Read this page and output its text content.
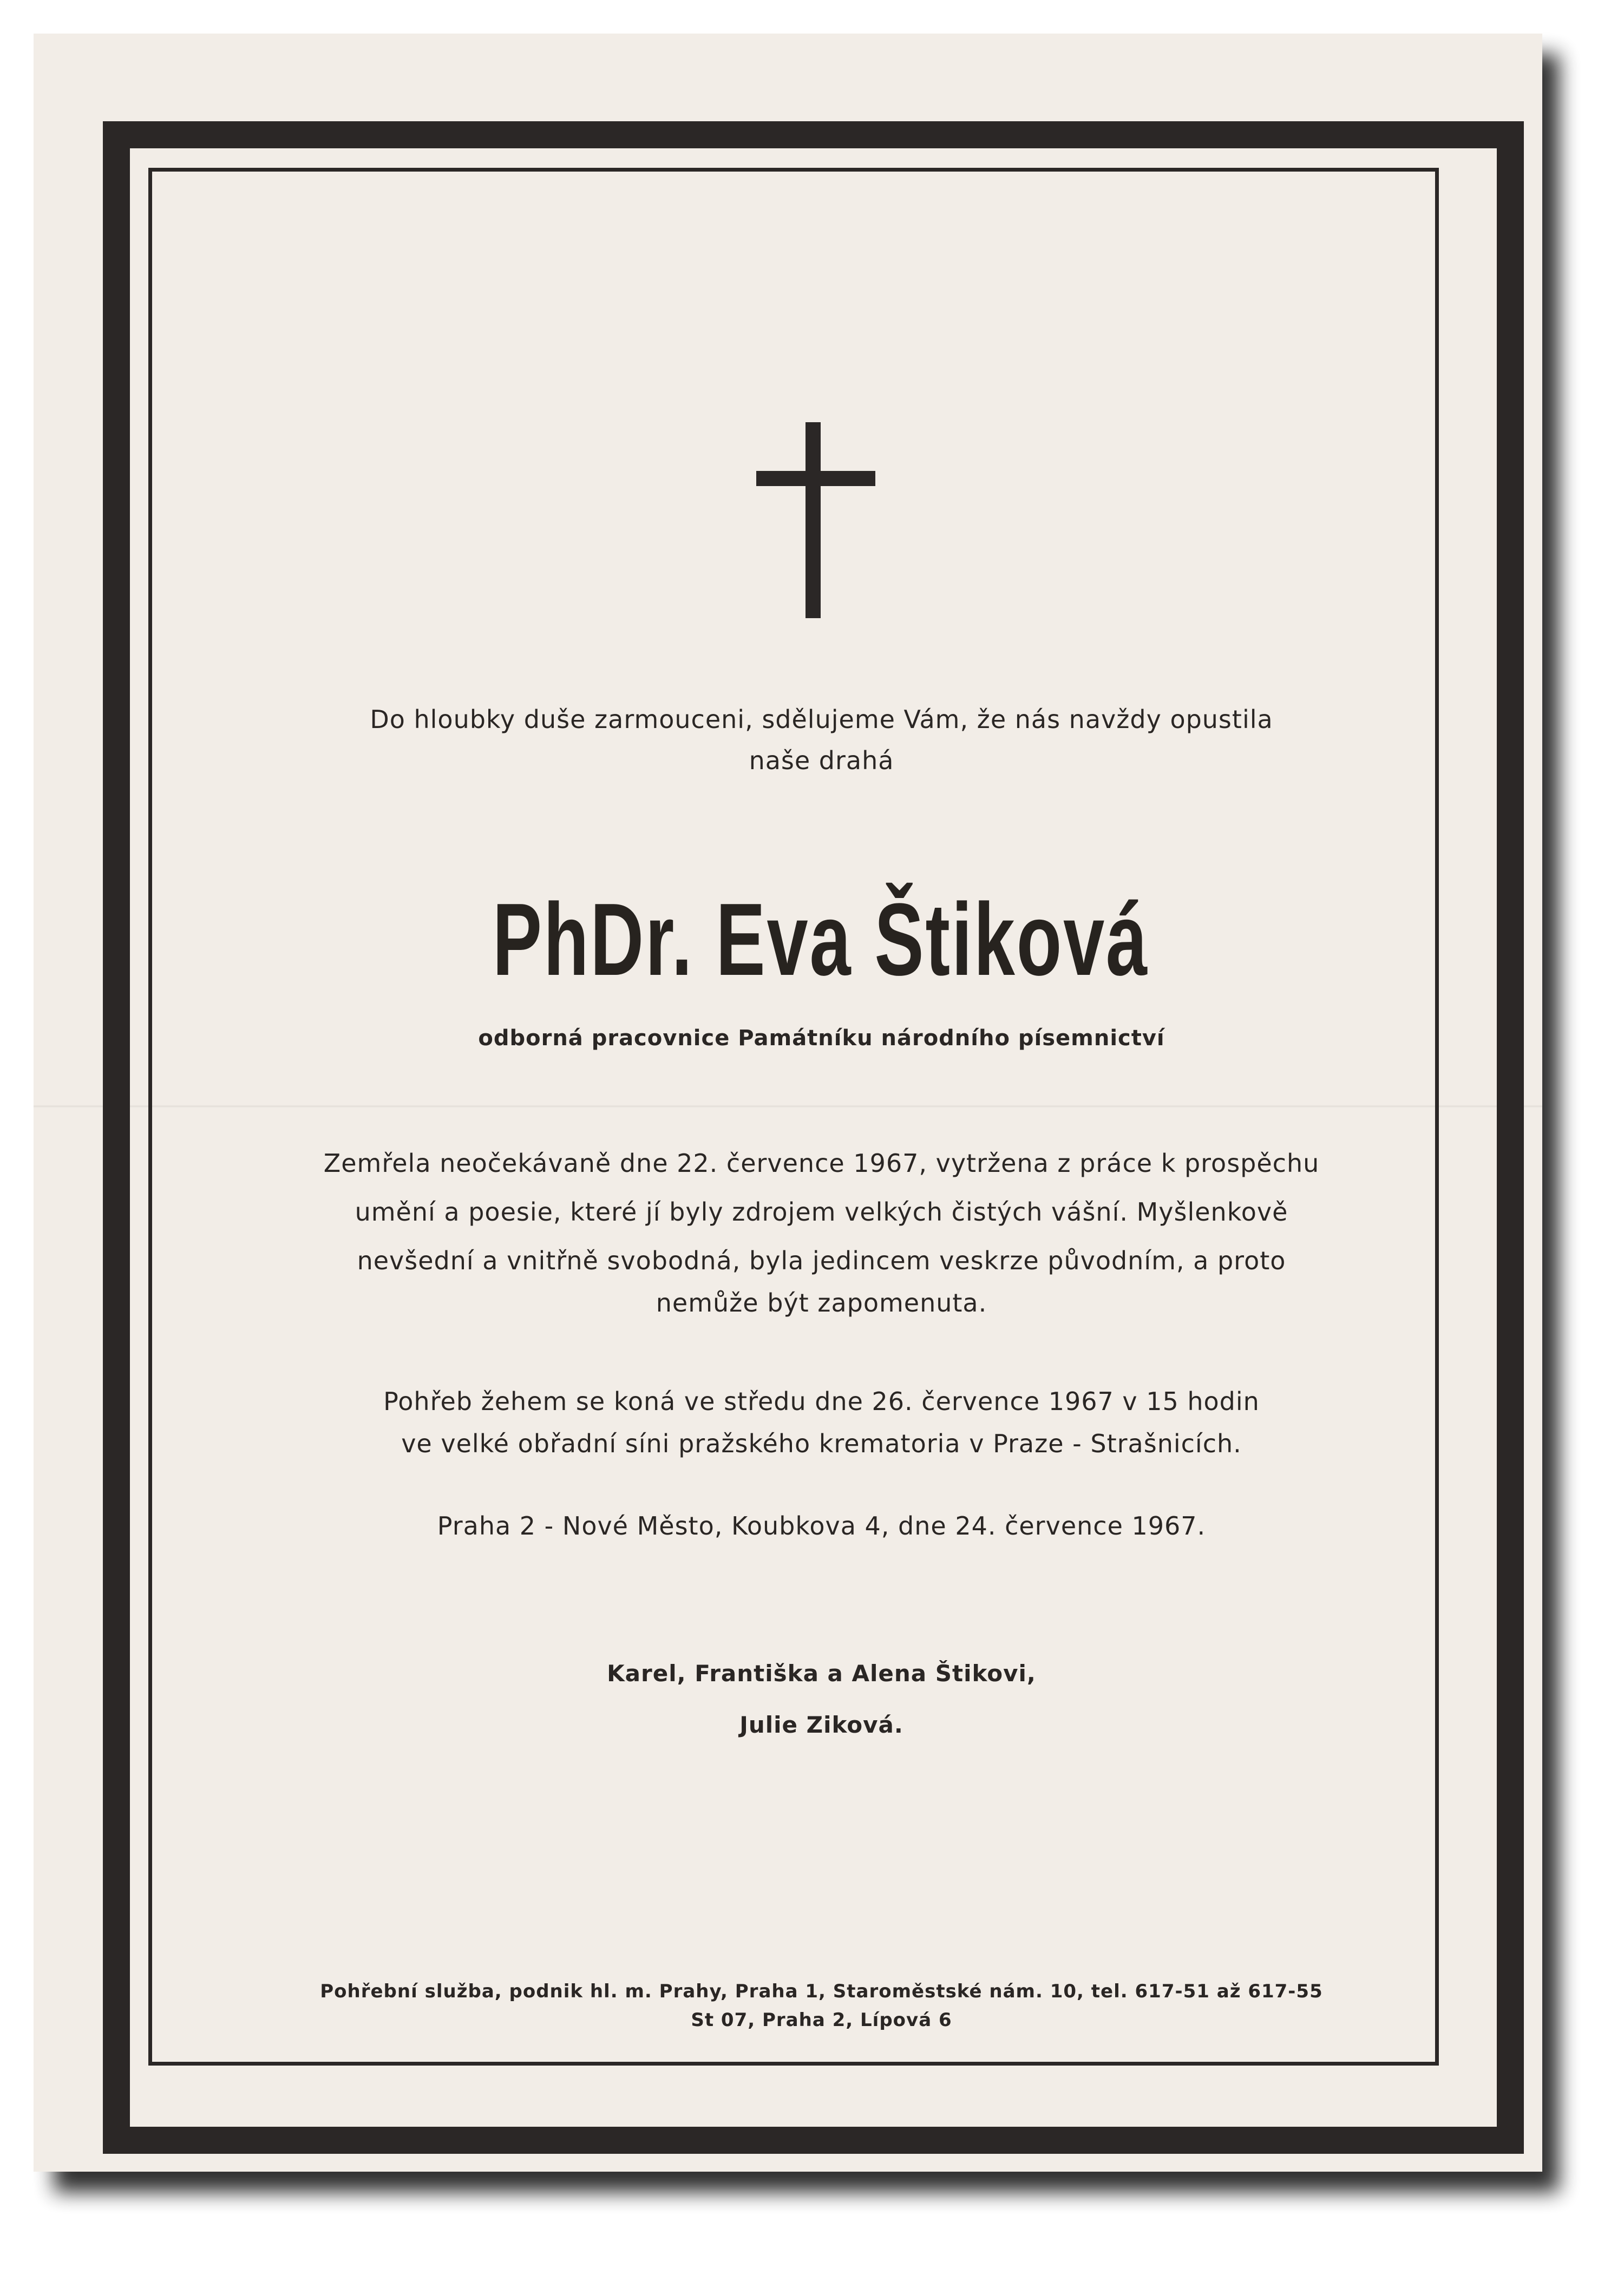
Do hloubky duše zarmouceni, sdělujeme Vám, že nás navždy opustila
naše drahá
PhDr. Eva Štiková
odborná pracovnice Památníku národního písemnictví
Zemřela neočekávaně dne 22. července 1967, vytržena z práce k prospěchu
umění a poesie, které jí byly zdrojem velkých čistých vášní. Myšlenkově
nevšední a vnitřně svobodná, byla jedincem veskrze původním, a proto
nemůže být zapomenuta.
Pohřeb žehem se koná ve středu dne 26. července 1967 v 15 hodin
ve velké obřadní síni pražského krematoria v Praze - Strašnicích.
Praha 2 - Nové Město, Koubkova 4, dne 24. července 1967.
Karel, Františka a Alena Štikovi,
Julie Ziková.
Pohřební služba, podnik hl. m. Prahy, Praha 1, Staroměstské nám. 10, tel. 617-51 až 617-55
St 07, Praha 2, Lípová 6
